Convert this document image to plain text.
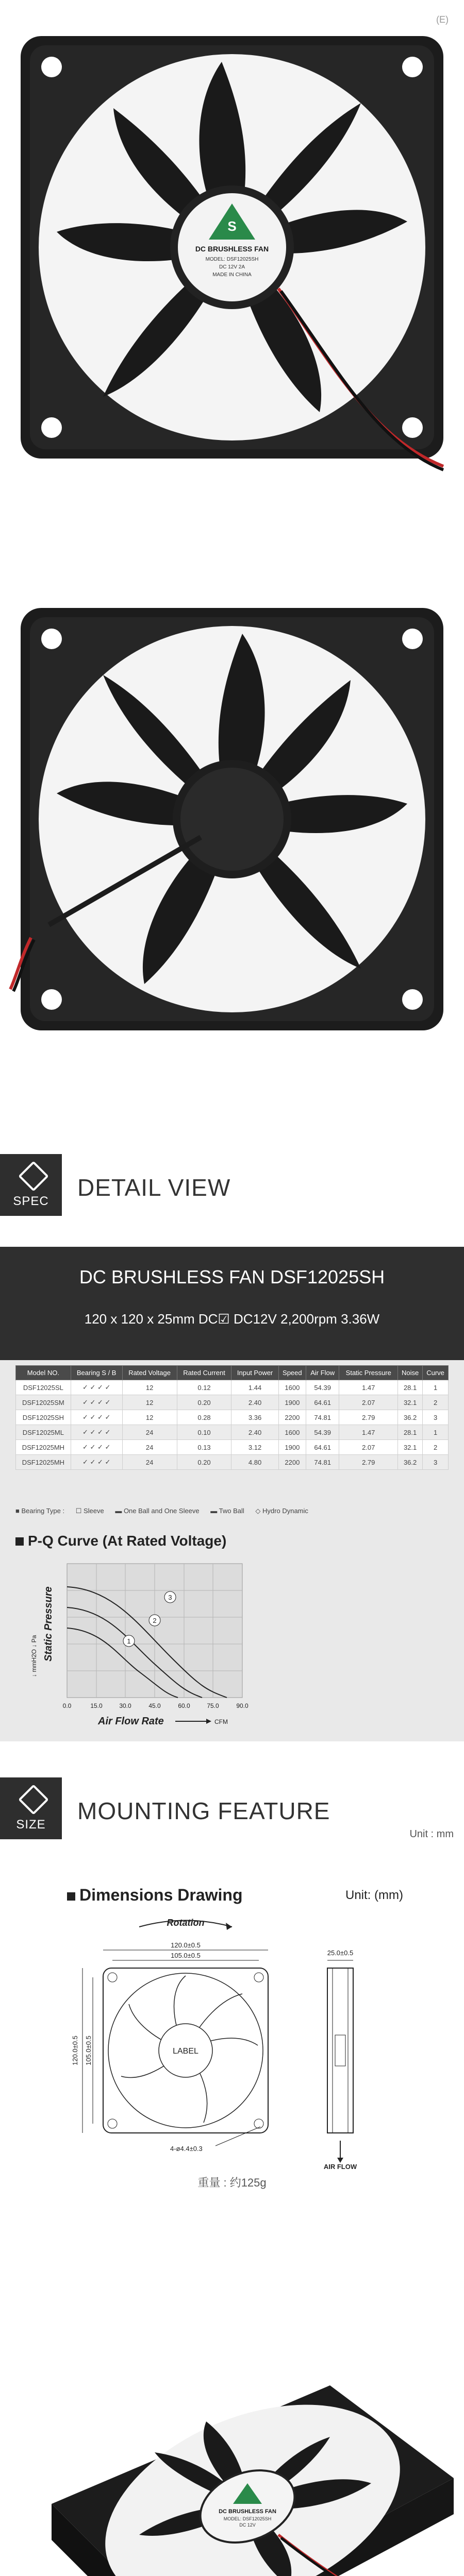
(E)
S
DC BRUSHLESS FAN
MODEL: DSF12025SH
DC 12V 2A
MADE IN CHINA
SPEC
DETAIL VIEW
DC BRUSHLESS FAN DSF12025SH
120 x 120 x 25mm DC☑ DC12V 2,200rpm 3.36W
Model NO.	Bearing S / B	Rated Voltage	Rated Current	Input Power	Speed	Air Flow	Static Pressure	Noise	Curve
DSF12025SL	✓ ✓ ✓ ✓	12	0.12	1.44	1600	54.39	1.47	28.1	1
DSF12025SM	✓ ✓ ✓ ✓	12	0.20	2.40	1900	64.61	2.07	32.1	2
DSF12025SH	✓ ✓ ✓ ✓	12	0.28	3.36	2200	74.81	2.79	36.2	3
DSF12025ML	✓ ✓ ✓ ✓	24	0.10	2.40	1600	54.39	1.47	28.1	1
DSF12025MH	✓ ✓ ✓ ✓	24	0.13	3.12	1900	64.61	2.07	32.1	2
DSF12025MH	✓ ✓ ✓ ✓	24	0.20	4.80	2200	74.81	2.79	36.2	3
■ Bearing Type : ☐ Sleeve ▬ One Ball and One Sleeve ▬ Two Ball ◇ Hydro Dynamic
P-Q Curve (At Rated Voltage)
1
2
3
Static Pressure
↓ mmH2O ↓ Pa
0.0	15.0	30.0	45.0	60.0	75.0	90.0
Air Flow Rate	CFM
SIZE
MOUNTING FEATURE
Unit : mm
Dimensions Drawing	Unit: (mm)
Rotation
120.0±0.5
105.0±0.5
LABEL
120.0±0.5 105.0±0.5
4-ø4.4±0.3
25.0±0.5
AIR FLOW
重量 : 约125g
DC BRUSHLESS FAN
MODEL: DSF12025SH
DC 12V
